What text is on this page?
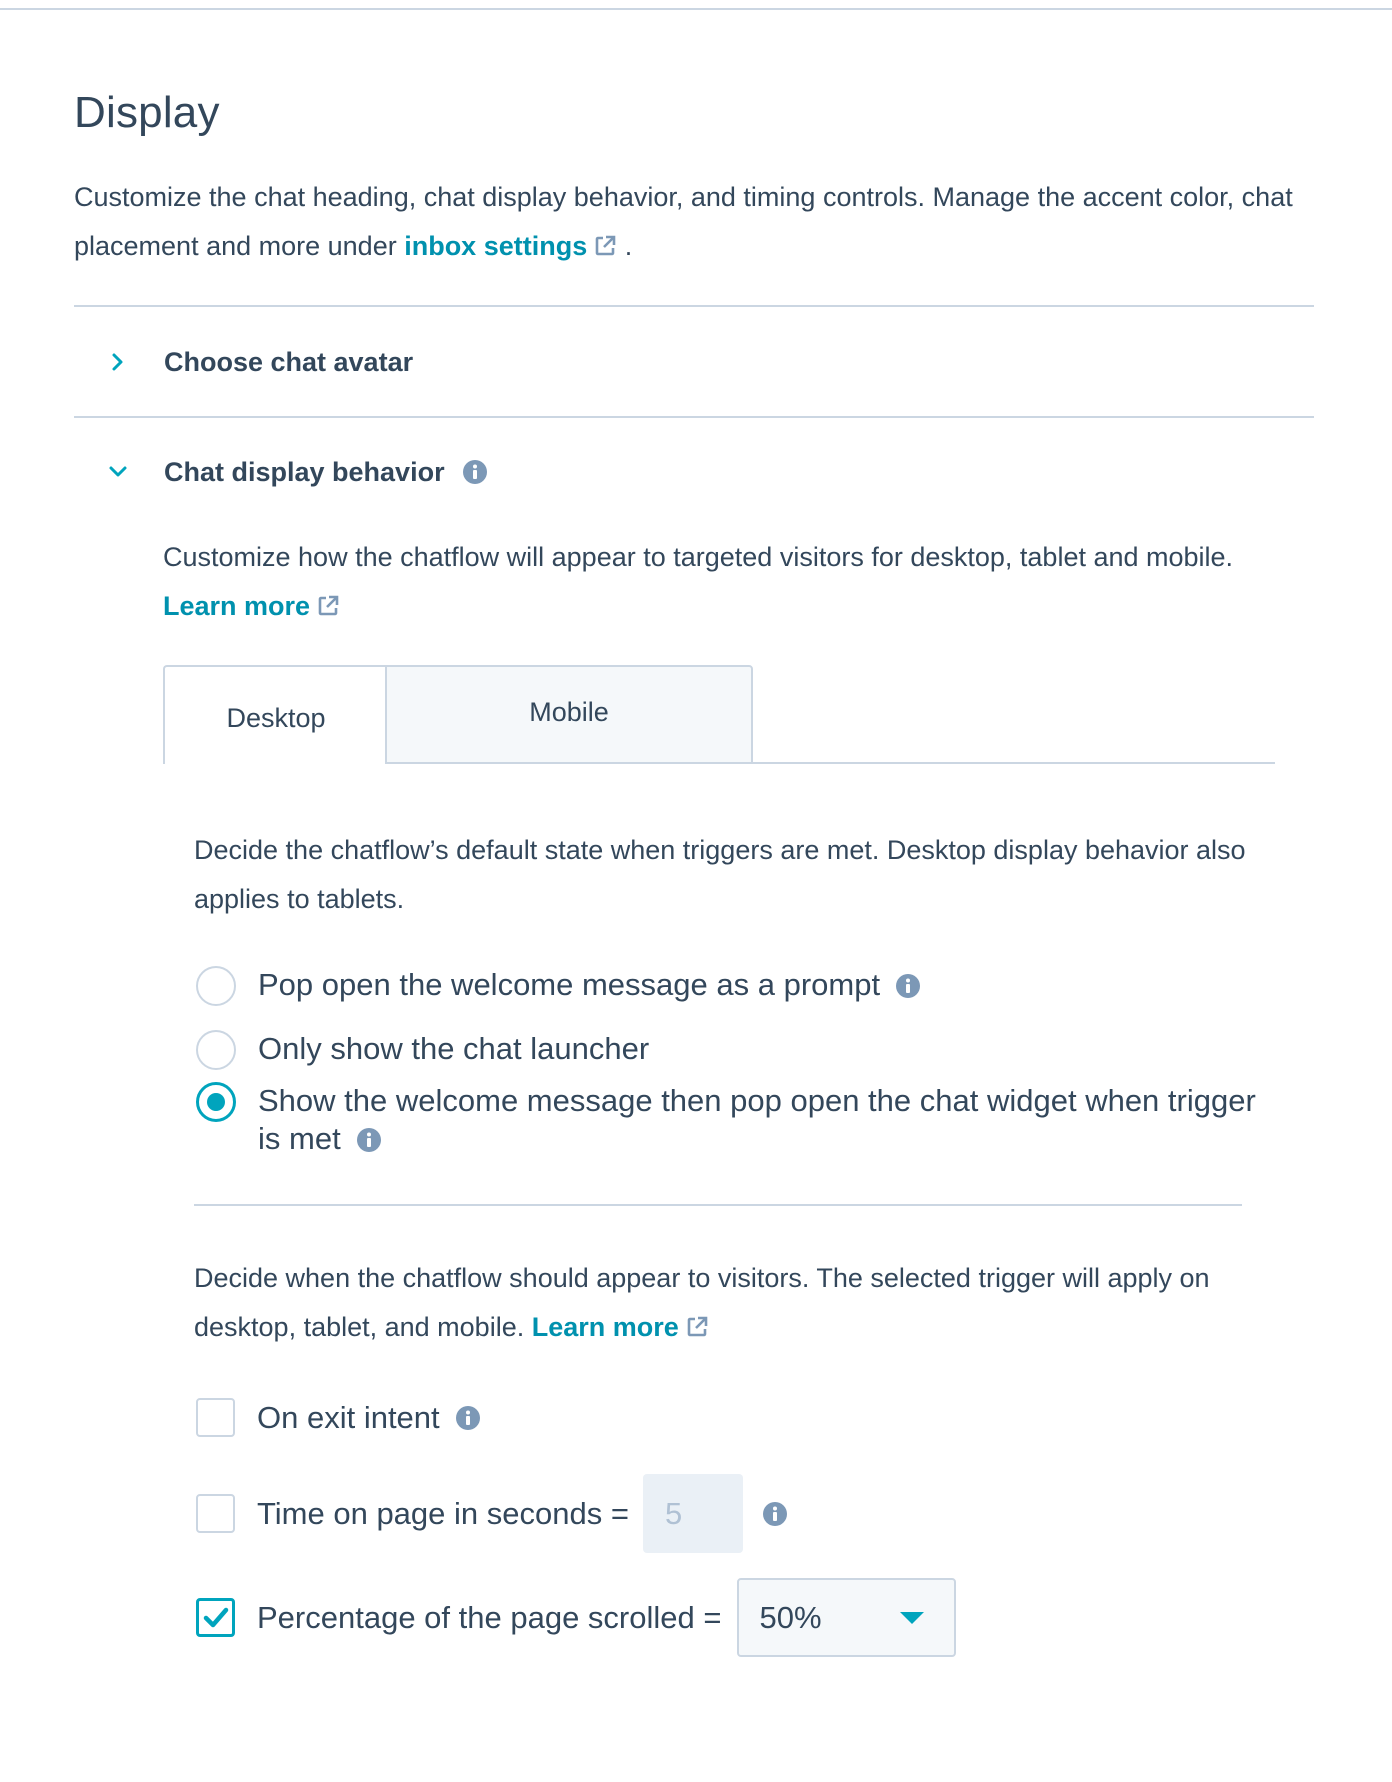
Display

Customize the chat heading, chat display behavior, and timing controls. Manage the accent color, chat placement and more under inbox settings .

Choose chat avatar
Chat display behavior

Customize how the chatflow will appear to targeted visitors for desktop, tablet and mobile. Learn more

Desktop	Mobile

Decide the chatflow’s default state when triggers are met. Desktop display behavior also applies to tablets.

Pop open the welcome message as a prompt
Only show the chat launcher
Show the welcome message then pop open the chat widget when trigger is met

Decide when the chatflow should appear to visitors. The selected trigger will apply on desktop, tablet, and mobile. Learn more

On exit intent
Time on page in seconds =
5
Percentage of the page scrolled = 50%
